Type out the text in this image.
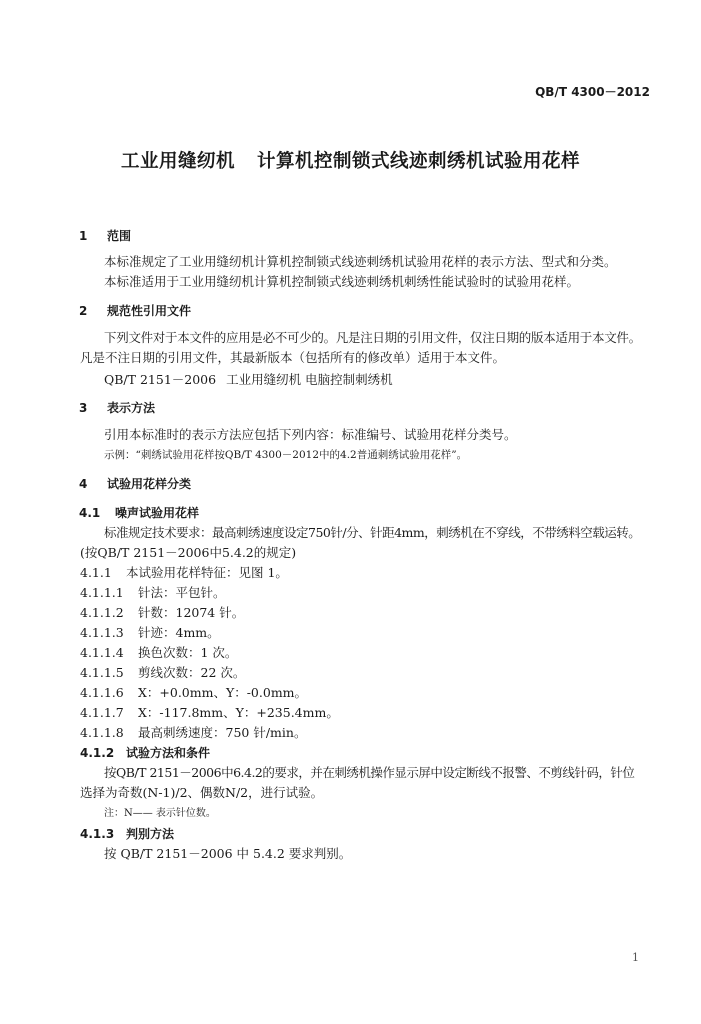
QB/T 4300－2012
工业用缝纫机 计算机控制锁式线迹刺绣机试验用花样
1 范围
本标准规定了工业用缝纫机计算机控制锁式线迹刺绣机试验用花样的表示方法、型式和分类。
本标准适用于工业用缝纫机计算机控制锁式线迹刺绣机刺绣性能试验时的试验用花样。
2 规范性引用文件
下列文件对于本文件的应用是必不可少的。凡是注日期的引用文件，仅注日期的版本适用于本文件。
凡是不注日期的引用文件，其最新版本（包括所有的修改单）适用于本文件。
QB/T 2151－2006 工业用缝纫机 电脑控制刺绣机
3 表示方法
引用本标准时的表示方法应包括下列内容：标准编号、试验用花样分类号。
示例：“刺绣试验用花样按QB/T 4300－2012中的4.2普通刺绣试验用花样”。
4 试验用花样分类
4.1 噪声试验用花样
标准规定技术要求：最高刺绣速度设定750针/分、针距4mm，刺绣机在不穿线，不带绣料空载运转。
(按QB/T 2151－2006中5.4.2的规定)
4.1.1 本试验用花样特征：见图 1。
4.1.1.1 针法：平包针。
4.1.1.2 针数：12074 针。
4.1.1.3 针迹：4mm。
4.1.1.4 换色次数：1 次。
4.1.1.5 剪线次数：22 次。
4.1.1.6 X：+0.0mm、Y：-0.0mm。
4.1.1.7 X：-117.8mm、Y：+235.4mm。
4.1.1.8 最高刺绣速度：750 针/min。
4.1.2 试验方法和条件
按QB/T 2151－2006中6.4.2的要求，并在刺绣机操作显示屏中设定断线不报警、不剪线针码，针位
选择为奇数(N-1)/2、偶数N/2，进行试验。
注：N—— 表示针位数。
4.1.3 判别方法
按 QB/T 2151－2006 中 5.4.2 要求判别。
1
